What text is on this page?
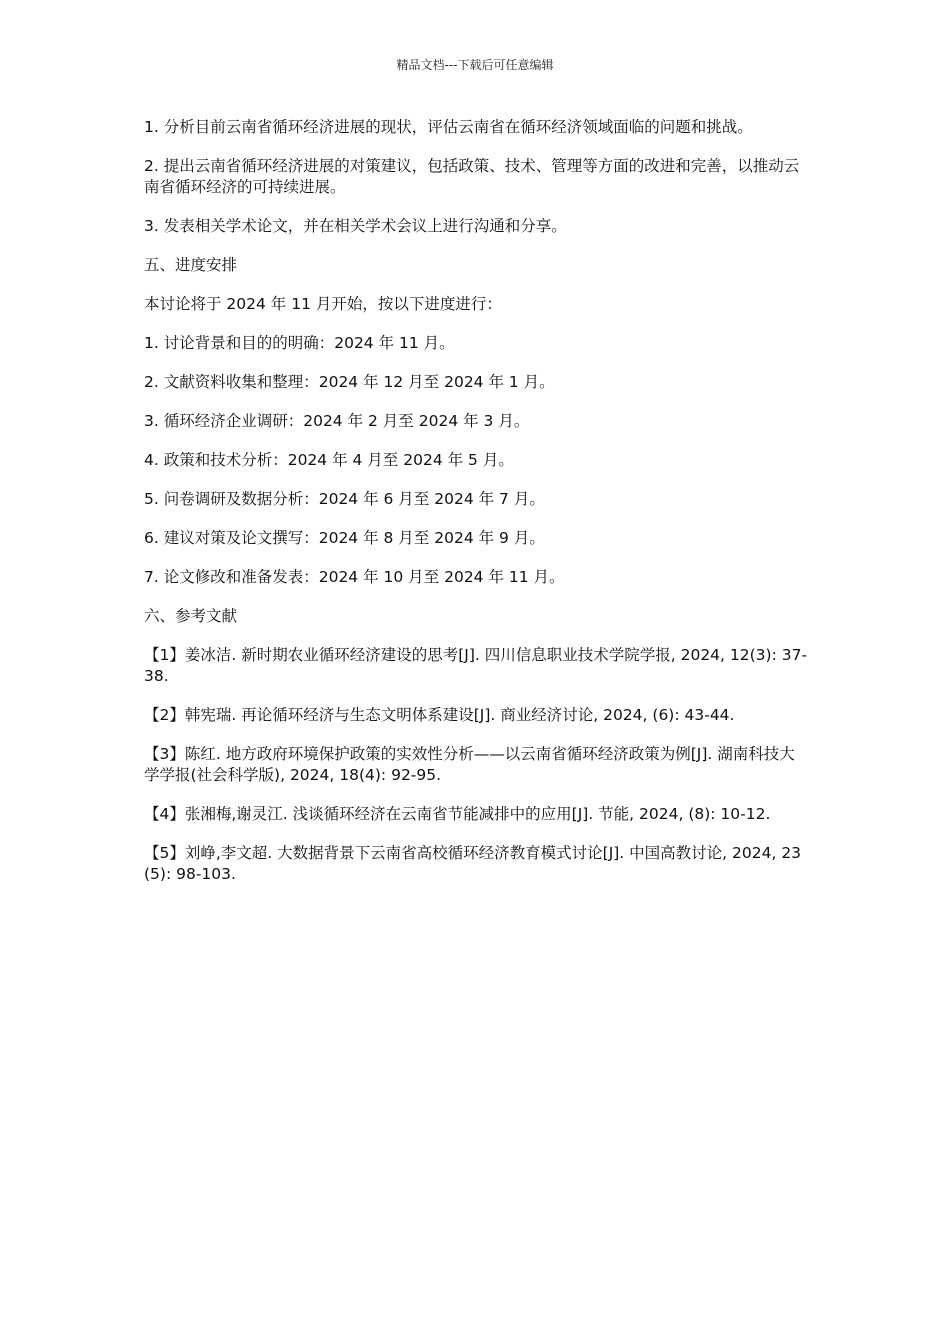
精品文档---下载后可任意编辑

1. 分析目前云南省循环经济进展的现状，评估云南省在循环经济领域面临的问题和挑战。

2. 提出云南省循环经济进展的对策建议，包括政策、技术、管理等方面的改进和完善，以推动云南省循环经济的可持续进展。

3. 发表相关学术论文，并在相关学术会议上进行沟通和分享。

五、进度安排

本讨论将于 2024 年 11 月开始，按以下进度进行：

1. 讨论背景和目的的明确：2024 年 11 月。

2. 文献资料收集和整理：2024 年 12 月至 2024 年 1 月。

3. 循环经济企业调研：2024 年 2 月至 2024 年 3 月。

4. 政策和技术分析：2024 年 4 月至 2024 年 5 月。

5. 问卷调研及数据分析：2024 年 6 月至 2024 年 7 月。

6. 建议对策及论文撰写：2024 年 8 月至 2024 年 9 月。

7. 论文修改和准备发表：2024 年 10 月至 2024 年 11 月。

六、参考文献

【1】姜冰洁. 新时期农业循环经济建设的思考[J]. 四川信息职业技术学院学报, 2024, 12(3): 37-38.

【2】韩宪瑞. 再论循环经济与生态文明体系建设[J]. 商业经济讨论, 2024, (6): 43-44.

【3】陈红. 地方政府环境保护政策的实效性分析——以云南省循环经济政策为例[J]. 湖南科技大学学报(社会科学版), 2024, 18(4): 92-95.

【4】张湘梅,谢灵江. 浅谈循环经济在云南省节能减排中的应用[J]. 节能, 2024, (8): 10-12.

【5】刘峥,李文超. 大数据背景下云南省高校循环经济教育模式讨论[J]. 中国高教讨论, 2024, 23(5): 98-103.
